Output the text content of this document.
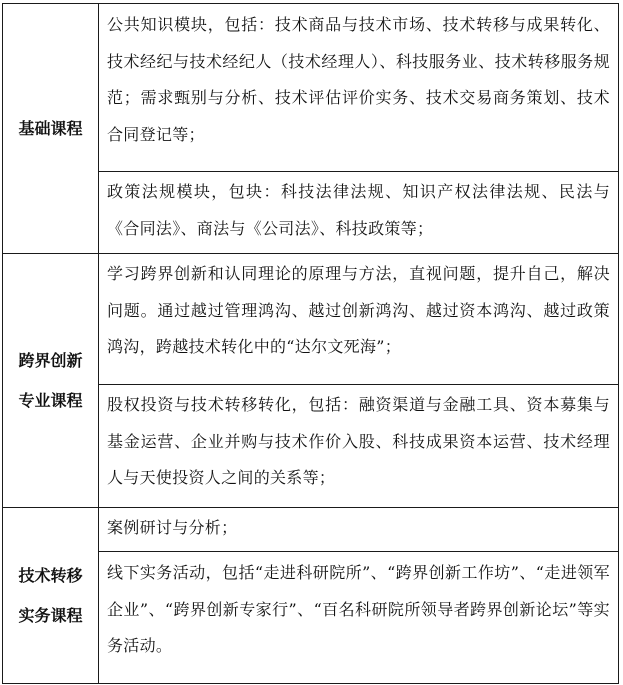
基础课程	公共知识模块，包括：技术商品与技术市场、技术转移与成果转化、技术经纪与技术经纪人（技术经理人）、科技服务业、技术转移服务规范；需求甄别与分析、技术评估评价实务、技术交易商务策划、技术合同登记等；
	政策法规模块，包块：科技法律法规、知识产权法律法规、民法与《合同法》、商法与《公司法》、科技政策等；

跨界创新
专业课程	学习跨界创新和认同理论的原理与方法，直视问题，提升自己，解决问题。通过越过管理鸿沟、越过创新鸿沟、越过资本鸿沟、越过政策鸿沟，跨越技术转化中的“达尔文死海”；
	股权投资与技术转移转化，包括：融资渠道与金融工具、资本募集与基金运营、企业并购与技术作价入股、科技成果资本运营、技术经理人与天使投资人之间的关系等；

技术转移
实务课程	案例研讨与分析；
	线下实务活动，包括“走进科研院所”、“跨界创新工作坊”、“走进领军企业”、“跨界创新专家行”、“百名科研院所领导者跨界创新论坛”等实务活动。
